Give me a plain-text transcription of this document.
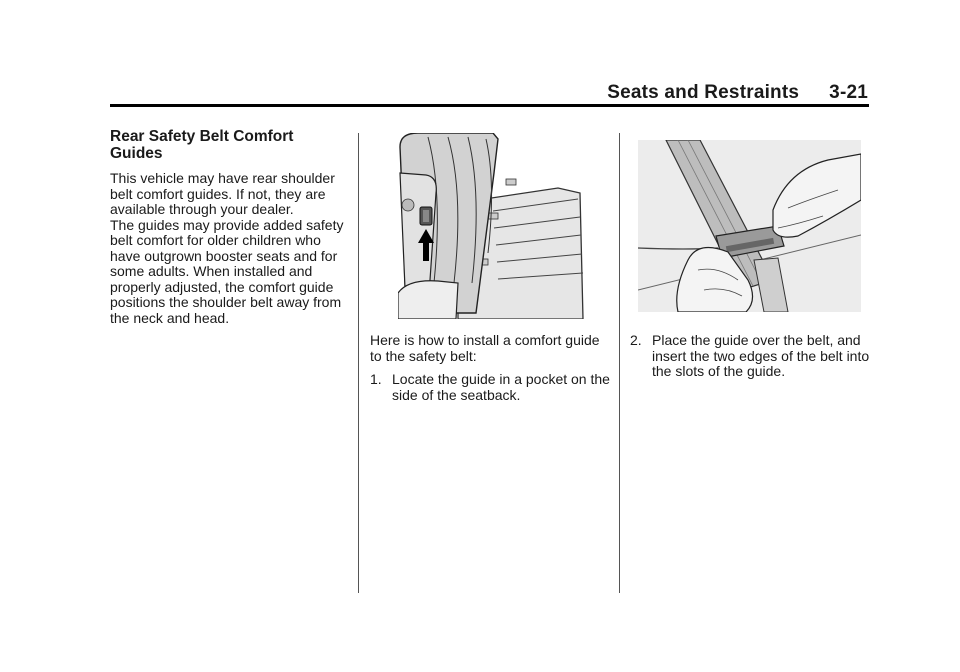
Seats and Restraints 3-21
Rear Safety Belt Comfort Guides

This vehicle may have rear shoulder belt comfort guides. If not, they are available through your dealer.

The guides may provide added safety belt comfort for older children who have outgrown booster seats and for some adults. When installed and properly adjusted, the comfort guide positions the shoulder belt away from the neck and head.

Here is how to install a comfort guide to the safety belt:

1. Locate the guide in a pocket on the side of the seatback.
2. Place the guide over the belt, and insert the two edges of the belt into the slots of the guide.
